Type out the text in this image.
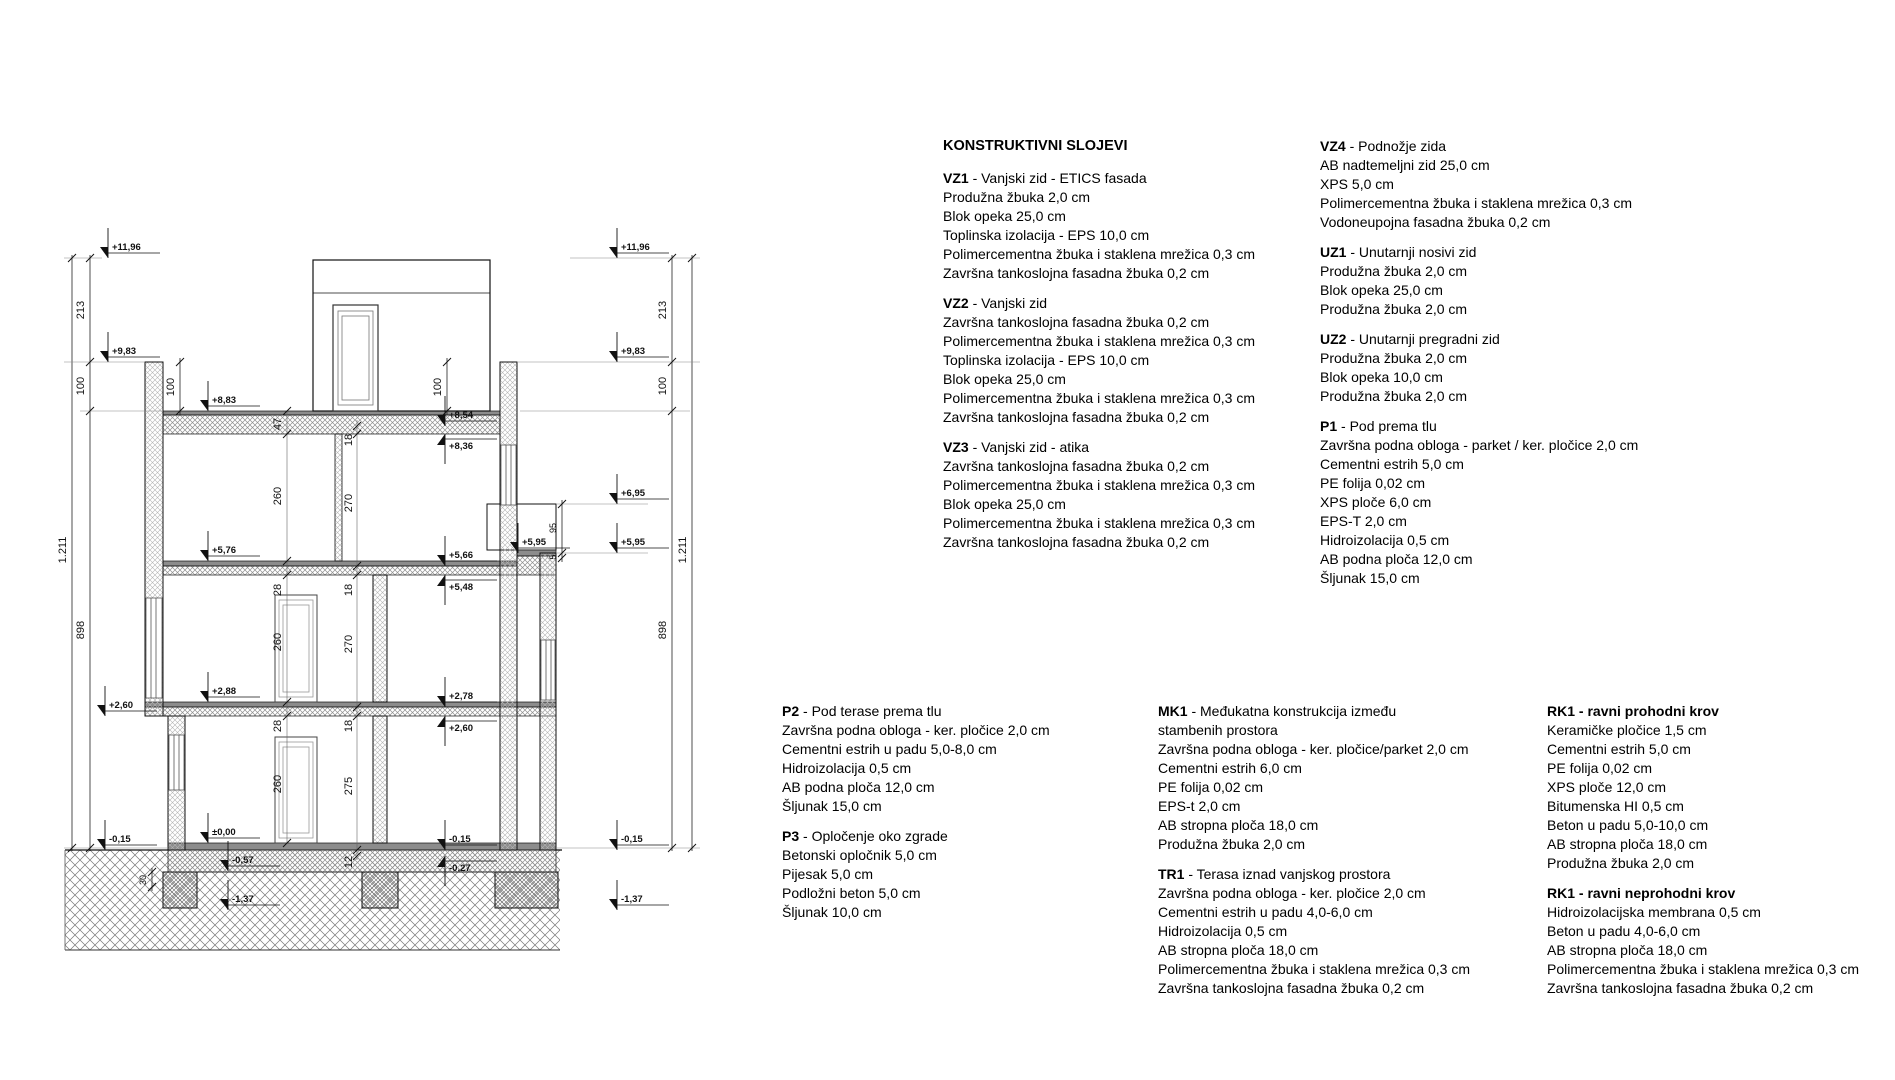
1.211
213
100
898
1.211
213
100
898
100	100
47
260
28
260
28
260
18
270
18
270
18
275
12
95
5
30
+11,96
+9,83
+2,60
-0,15
+8,83
+5,76
+2,88
±0,00
-0,57
-1,37
+8,54
+8,36
+5,66
+5,48
+2,78
+2,60
-0,15
-0,27
+5,95
+11,96
+9,83
+6,95
+5,95
-0,15
-1,37
KONSTRUKTIVNI SLOJEVI
VZ1 - Vanjski zid - ETICS fasada
Produžna žbuka 2,0 cm
Blok opeka 25,0 cm
Toplinska izolacija - EPS 10,0 cm
Polimercementna žbuka i staklena mrežica 0,3 cm
Završna tankoslojna fasadna žbuka 0,2 cm
VZ2 - Vanjski zid
Završna tankoslojna fasadna žbuka 0,2 cm
Polimercementna žbuka i staklena mrežica 0,3 cm
Toplinska izolacija - EPS 10,0 cm
Blok opeka 25,0 cm
Polimercementna žbuka i staklena mrežica 0,3 cm
Završna tankoslojna fasadna žbuka 0,2 cm
VZ3 - Vanjski zid - atika
Završna tankoslojna fasadna žbuka 0,2 cm
Polimercementna žbuka i staklena mrežica 0,3 cm
Blok opeka 25,0 cm
Polimercementna žbuka i staklena mrežica 0,3 cm
Završna tankoslojna fasadna žbuka 0,2 cm
VZ4 - Podnožje zida
AB nadtemeljni zid 25,0 cm
XPS 5,0 cm
Polimercementna žbuka i staklena mrežica 0,3 cm
Vodoneupojna fasadna žbuka 0,2 cm
UZ1 - Unutarnji nosivi zid
Produžna žbuka 2,0 cm
Blok opeka 25,0 cm
Produžna žbuka 2,0 cm
UZ2 - Unutarnji pregradni zid
Produžna žbuka 2,0 cm
Blok opeka 10,0 cm
Produžna žbuka 2,0 cm
P1 - Pod prema tlu
Završna podna obloga - parket / ker. pločice 2,0 cm
Cementni estrih 5,0 cm
PE folija 0,02 cm
XPS ploče 6,0 cm
EPS-T 2,0 cm
Hidroizolacija 0,5 cm
AB podna ploča 12,0 cm
Šljunak 15,0 cm
P2 - Pod terase prema tlu
Završna podna obloga - ker. pločice 2,0 cm
Cementni estrih u padu 5,0-8,0 cm
Hidroizolacija 0,5 cm
AB podna ploča 12,0 cm
Šljunak 15,0 cm
P3 - Opločenje oko zgrade
Betonski opločnik 5,0 cm
Pijesak 5,0 cm
Podložni beton 5,0 cm
Šljunak 10,0 cm
MK1 - Međukatna konstrukcija između
stambenih prostora
Završna podna obloga - ker. pločice/parket 2,0 cm
Cementni estrih 6,0 cm
PE folija 0,02 cm
EPS-t 2,0 cm
AB stropna ploča 18,0 cm
Produžna žbuka 2,0 cm
TR1 - Terasa iznad vanjskog prostora
Završna podna obloga - ker. pločice 2,0 cm
Cementni estrih u padu 4,0-6,0 cm
Hidroizolacija 0,5 cm
AB stropna ploča 18,0 cm
Polimercementna žbuka i staklena mrežica 0,3 cm
Završna tankoslojna fasadna žbuka 0,2 cm
RK1 - ravni prohodni krov
Keramičke pločice 1,5 cm
Cementni estrih 5,0 cm
PE folija 0,02 cm
XPS ploče 12,0 cm
Bitumenska HI 0,5 cm
Beton u padu 5,0-10,0 cm
AB stropna ploča 18,0 cm
Produžna žbuka 2,0 cm
RK1 - ravni neprohodni krov
Hidroizolacijska membrana 0,5 cm
Beton u padu 4,0-6,0 cm
AB stropna ploča 18,0 cm
Polimercementna žbuka i staklena mrežica 0,3 cm
Završna tankoslojna fasadna žbuka 0,2 cm
